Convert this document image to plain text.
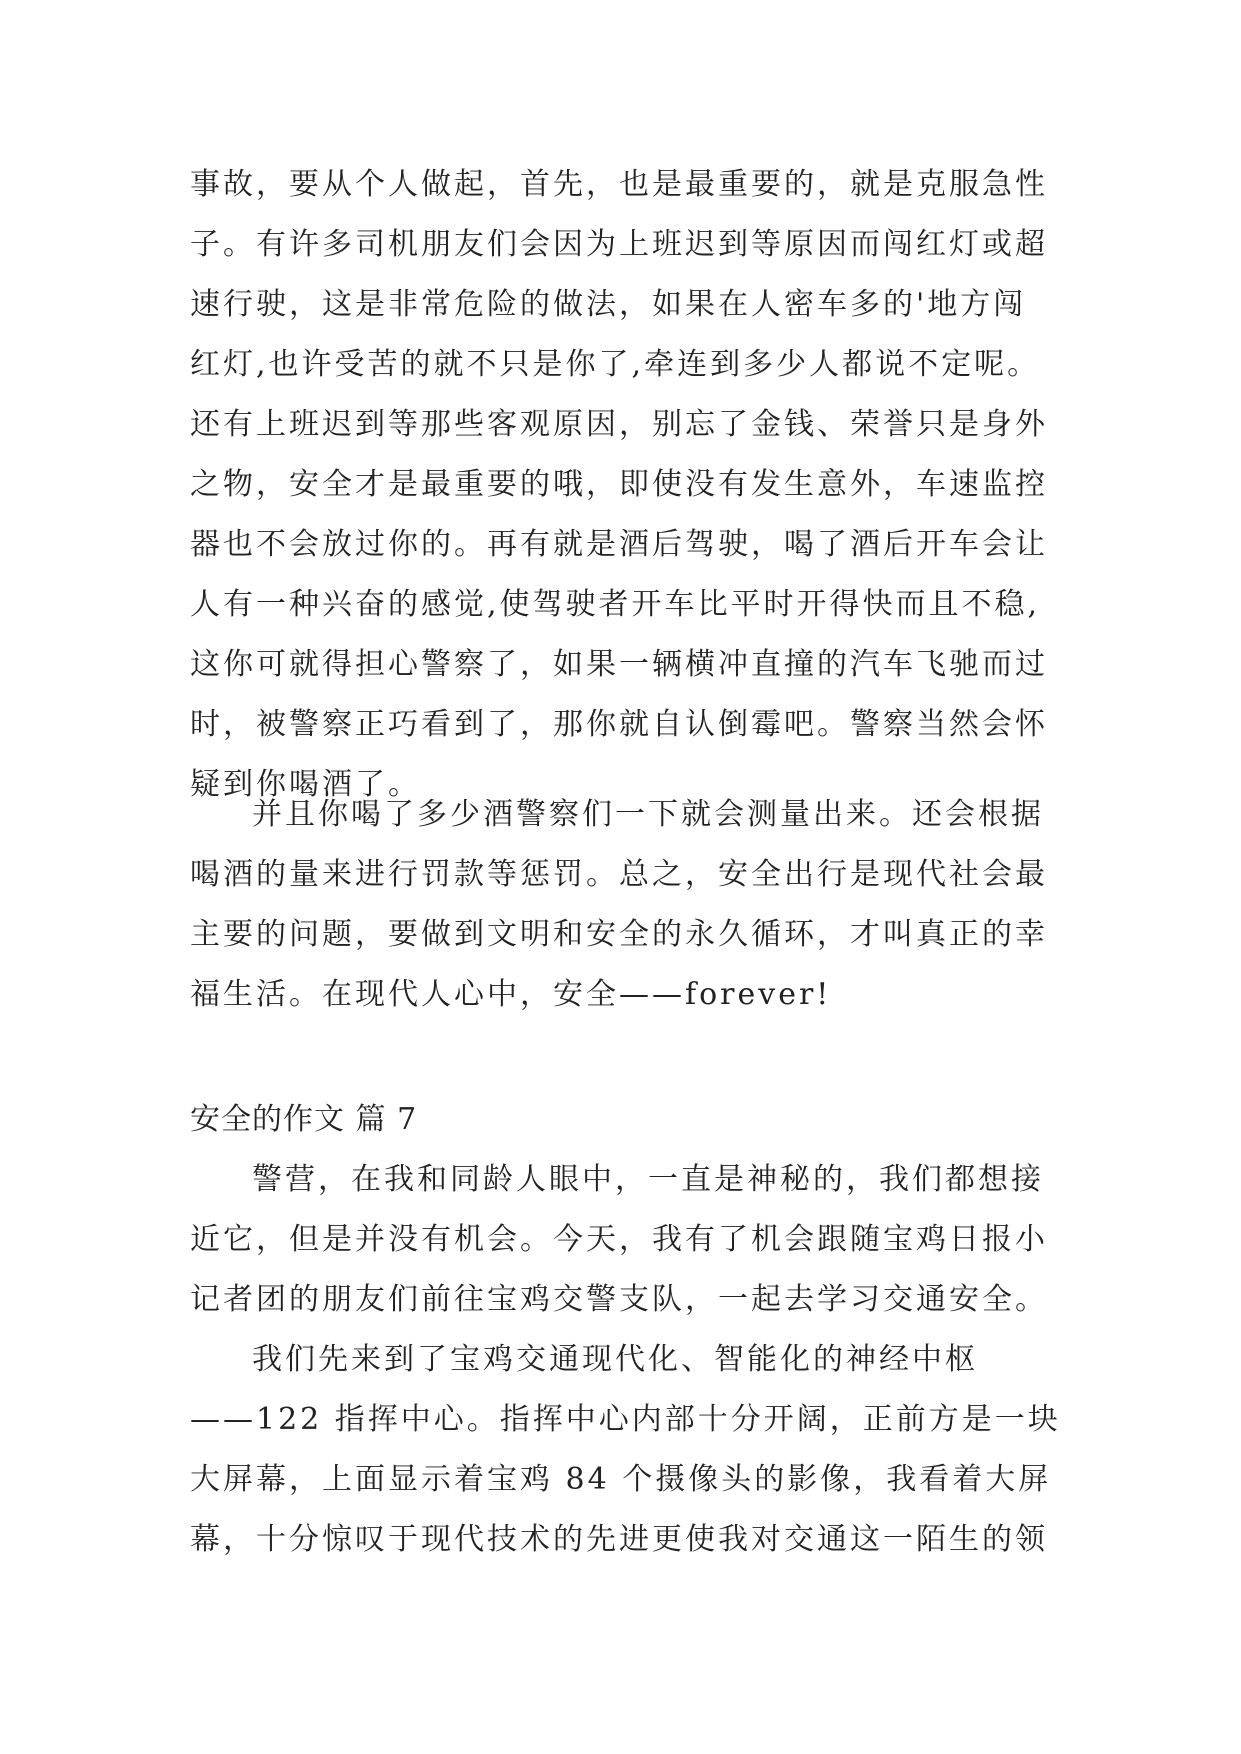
事故，要从个人做起，首先，也是最重要的，就是克服急性
子。有许多司机朋友们会因为上班迟到等原因而闯红灯或超
速行驶，这是非常危险的做法，如果在人密车多的'地方闯
红灯,也许受苦的就不只是你了,牵连到多少人都说不定呢。
还有上班迟到等那些客观原因，别忘了金钱、荣誉只是身外
之物，安全才是最重要的哦，即使没有发生意外，车速监控
器也不会放过你的。再有就是酒后驾驶，喝了酒后开车会让
人有一种兴奋的感觉,使驾驶者开车比平时开得快而且不稳,
这你可就得担心警察了，如果一辆横冲直撞的汽车飞驰而过
时，被警察正巧看到了，那你就自认倒霉吧。警察当然会怀
疑到你喝酒了。
并且你喝了多少酒警察们一下就会测量出来。还会根据
喝酒的量来进行罚款等惩罚。总之，安全出行是现代社会最
主要的问题，要做到文明和安全的永久循环，才叫真正的幸
福生活。在现代人心中，安全——forever!
安全的作文 篇 7
警营，在我和同龄人眼中，一直是神秘的，我们都想接
近它，但是并没有机会。今天，我有了机会跟随宝鸡日报小
记者团的朋友们前往宝鸡交警支队，一起去学习交通安全。
我们先来到了宝鸡交通现代化、智能化的神经中枢
——122 指挥中心。指挥中心内部十分开阔，正前方是一块
大屏幕，上面显示着宝鸡 84 个摄像头的影像，我看着大屏
幕，十分惊叹于现代技术的先进更使我对交通这一陌生的领
